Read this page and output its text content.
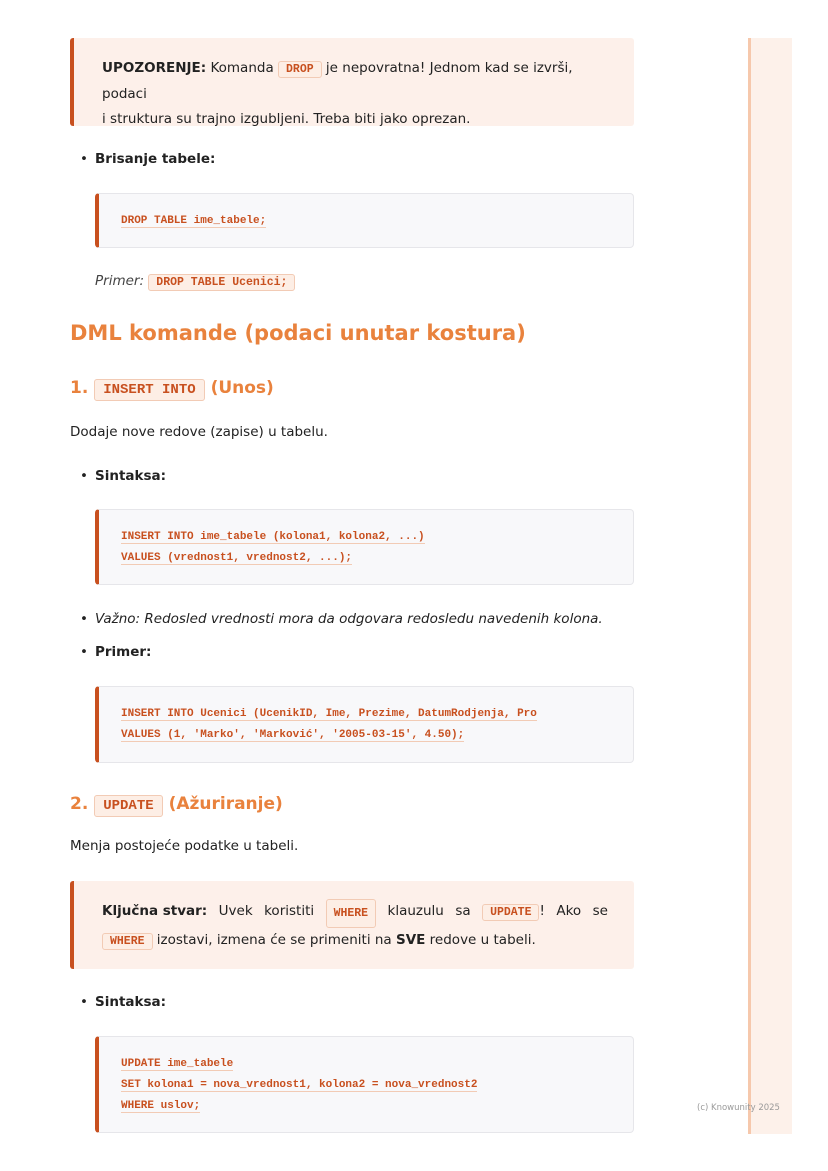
(c) Knowunity 2025
UPOZORENJE: Komanda DROP je nepovratna! Jednom kad se izvrši, podaci
i struktura su trajno izgubljeni. Treba biti jako oprezan.
• Brisanje tabele:
DROP TABLE ime_tabele;
Primer: DROP TABLE Ucenici;
DML komande (podaci unutar kostura)
1. INSERT INTO (Unos)
Dodaje nove redove (zapise) u tabelu.
• Sintaksa:
INSERT INTO ime_tabele (kolona1, kolona2, ...)
VALUES (vrednost1, vrednost2, ...);
• Važno: Redosled vrednosti mora da odgovara redosledu navedenih kolona.
• Primer:
INSERT INTO Ucenici (UcenikID, Ime, Prezime, DatumRodjenja, Pro
VALUES (1, 'Marko', 'Marković', '2005-03-15', 4.50);
2. UPDATE (Ažuriranje)
Menja postojeće podatke u tabeli.
Ključna stvar: Uvek koristiti	WHERE	klauzulu sa	UPDATE ! Ako se
WHERE izostavi, izmena će se primeniti na SVE redove u tabeli.
• Sintaksa:
UPDATE ime_tabele
SET kolona1 = nova_vrednost1, kolona2 = nova_vrednost2
WHERE uslov;
